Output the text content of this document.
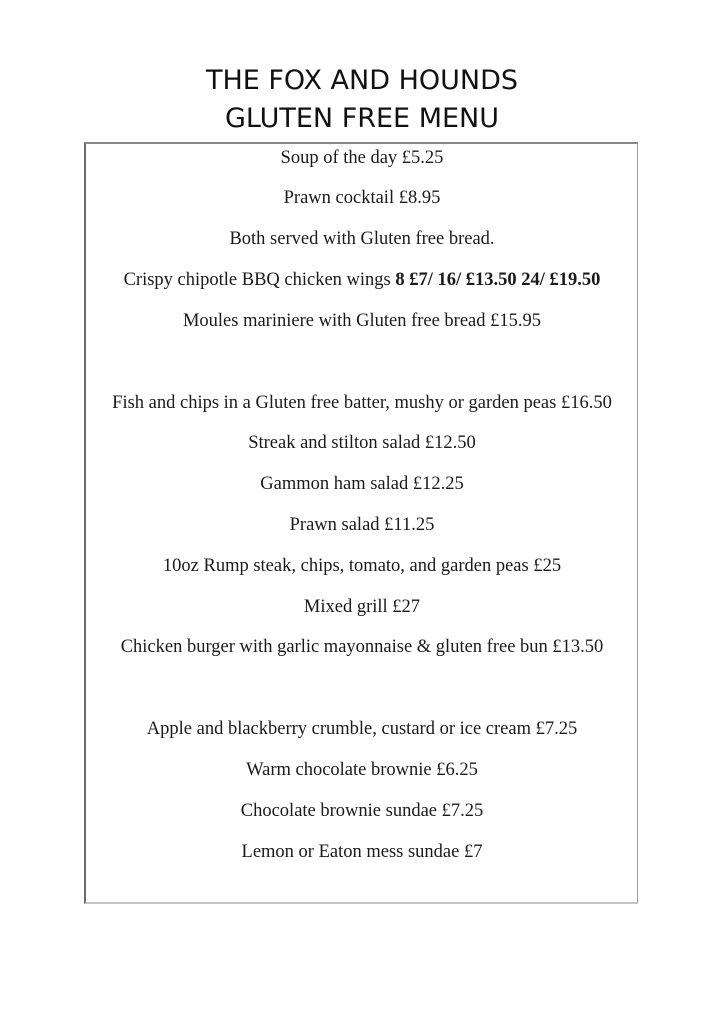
THE FOX AND HOUNDS
GLUTEN FREE MENU
Soup of the day £5.25
Prawn cocktail £8.95
Both served with Gluten free bread.
Crispy chipotle BBQ chicken wings 8 £7/ 16/ £13.50 24/ £19.50
Moules mariniere with Gluten free bread £15.95
Fish and chips in a Gluten free batter, mushy or garden peas £16.50
Streak and stilton salad £12.50
Gammon ham salad £12.25
Prawn salad £11.25
10oz Rump steak, chips, tomato, and garden peas £25
Mixed grill £27
Chicken burger with garlic mayonnaise & gluten free bun £13.50
Apple and blackberry crumble, custard or ice cream £7.25
Warm chocolate brownie £6.25
Chocolate brownie sundae £7.25
Lemon or Eaton mess sundae £7
